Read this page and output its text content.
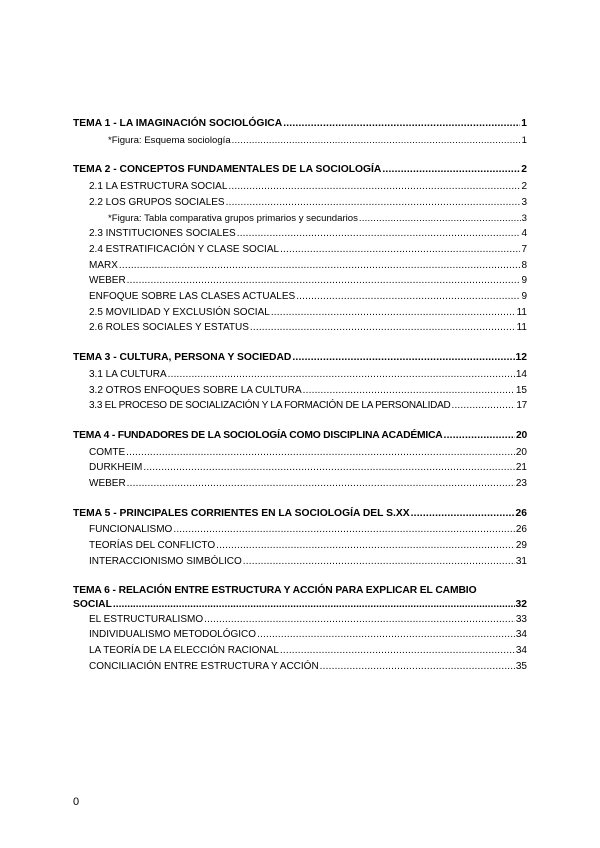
TEMA 1 - LA IMAGINACIÓN SOCIOLÓGICA .....	1
*Figura: Esquema sociología .....	1
TEMA 2 - CONCEPTOS FUNDAMENTALES DE LA SOCIOLOGÍA .....	2
2.1 LA ESTRUCTURA SOCIAL .....	2
2.2 LOS GRUPOS SOCIALES .....	3
*Figura: Tabla comparativa grupos primarios y secundarios .....	3
2.3 INSTITUCIONES SOCIALES .....	4
2.4 ESTRATIFICACIÓN Y CLASE SOCIAL .....	7
MARX .....	8
WEBER .....	9
ENFOQUE SOBRE LAS CLASES ACTUALES .....	9
2.5 MOVILIDAD Y EXCLUSIÓN SOCIAL .....	11
2.6 ROLES SOCIALES Y ESTATUS .....	11
TEMA 3 - CULTURA, PERSONA Y SOCIEDAD .....	12
3.1 LA CULTURA .....	14
3.2 OTROS ENFOQUES SOBRE LA CULTURA .....	15
3.3 EL PROCESO DE SOCIALIZACIÓN Y LA FORMACIÓN DE LA PERSONALIDAD .....	17
TEMA 4 - FUNDADORES DE LA SOCIOLOGÍA COMO DISCIPLINA ACADÉMICA .....	20
COMTE .....	20
DURKHEIM .....	21
WEBER .....	23
TEMA 5 - PRINCIPALES CORRIENTES EN LA SOCIOLOGÍA DEL S.XX .....	26
FUNCIONALISMO .....	26
TEORÍAS DEL CONFLICTO .....	29
INTERACCIONISMO SIMBÓLICO .....	31
TEMA 6 - RELACIÓN ENTRE ESTRUCTURA Y ACCIÓN PARA EXPLICAR EL CAMBIO
SOCIAL .....	32
EL ESTRUCTURALISMO .....	33
INDIVIDUALISMO METODOLÓGICO .....	34
LA TEORÍA DE LA ELECCIÓN RACIONAL .....	34
CONCILIACIÓN ENTRE ESTRUCTURA Y ACCIÓN .....	35
0
